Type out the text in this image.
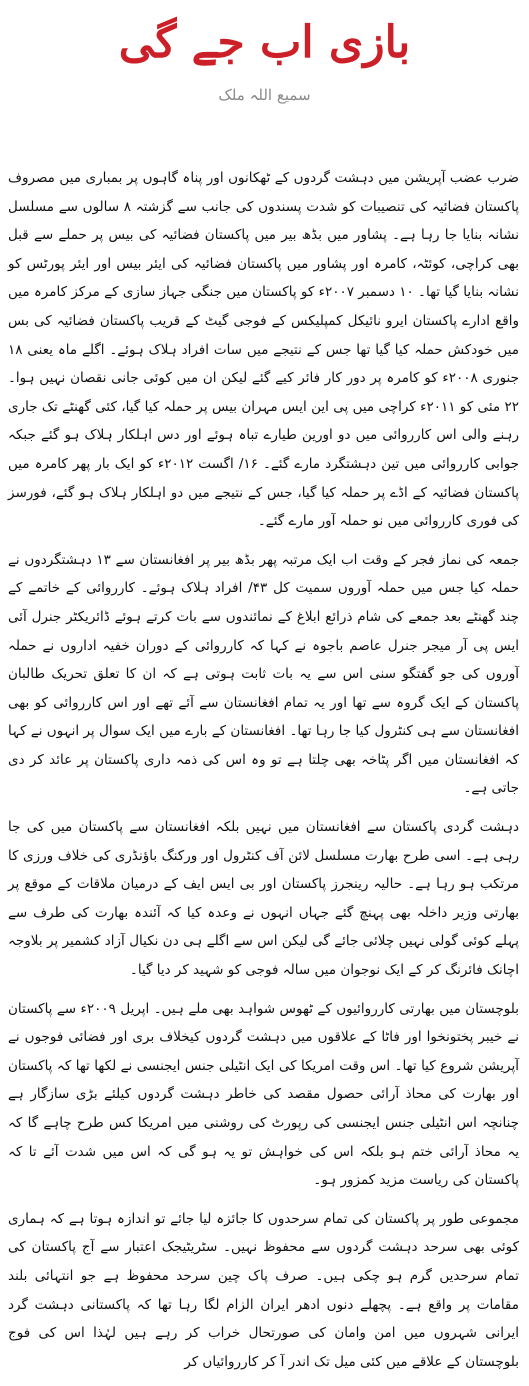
بازی اب جے گی
سمیع اللہ ملک

ضرب عضب آپریشن میں دہشت گردوں کے ٹھکانوں اور پناہ گاہوں پر بمباری میں مصروف پاکستان فضائیہ کی تنصیبات کو شدت پسندوں کی جانب سے گزشتہ ۸ سالوں سے مسلسل نشانہ بنایا جا رہا ہے۔ پشاور میں بڈھ بیر میں پاکستان فضائیہ کی بیس پر حملے سے قبل بھی کراچی، کوئٹہ، کامرہ اور پشاور میں پاکستان فضائیہ کی ایئر بیس اور ایئر پورٹس کو نشانہ بنایا گیا تھا۔ ۱۰ دسمبر ۲۰۰۷ء کو پاکستان میں جنگی جہاز سازی کے مرکز کامرہ میں واقع ادارے پاکستان ایرو نائیکل کمپلیکس کے فوجی گیٹ کے قریب پاکستان فضائیہ کی بس میں خودکش حملہ کیا گیا تھا جس کے نتیجے میں سات افراد ہلاک ہوئے۔ اگلے ماہ یعنی ۱۸ جنوری ۲۰۰۸ء کو کامرہ پر دور کار فائر کیے گئے لیکن ان میں کوئی جانی نقصان نہیں ہوا۔ ۲۲ مئی کو ۲۰۱۱ء کراچی میں پی این ایس مہران بیس پر حملہ کیا گیا، کئی گھنٹے تک جاری رہنے والی اس کارروائی میں دو اورین طیارے تباہ ہوئے اور دس اہلکار ہلاک ہو گئے جبکہ جوابی کارروائی میں تین دہشتگرد مارے گئے۔ ۱۶/ اگست ۲۰۱۲ء کو ایک بار پھر کامرہ میں پاکستان فضائیہ کے اڈے پر حملہ کیا گیا، جس کے نتیجے میں دو اہلکار ہلاک ہو گئے، فورسز کی فوری کارروائی میں نو حملہ آور مارے گئے۔

جمعہ کی نماز فجر کے وقت اب ایک مرتبہ پھر بڈھ بیر پر افغانستان سے ۱۳ دہشتگردوں نے حملہ کیا جس میں حملہ آوروں سمیت کل ۴۳/ افراد ہلاک ہوئے۔ کارروائی کے خاتمے کے چند گھنٹے بعد جمعے کی شام ذرائع ابلاغ کے نمائندوں سے بات کرتے ہوئے ڈائریکٹر جنرل آئی ایس پی آر میجر جنرل عاصم باجوہ نے کہا کہ کارروائی کے دوران خفیہ اداروں نے حملہ آوروں کی جو گفتگو سنی اس سے یہ بات ثابت ہوتی ہے کہ ان کا تعلق تحریک طالبان پاکستان کے ایک گروہ سے تھا اور یہ تمام افغانستان سے آئے تھے اور اس کارروائی کو بھی افغانستان سے ہی کنٹرول کیا جا رہا تھا۔ افغانستان کے بارے میں ایک سوال پر انہوں نے کہا کہ افغانستان میں اگر پٹاخہ بھی چلتا ہے تو وہ اس کی ذمہ داری پاکستان پر عائد کر دی جاتی ہے۔

دہشت گردی پاکستان سے افغانستان میں نہیں بلکہ افغانستان سے پاکستان میں کی جا رہی ہے۔ اسی طرح بھارت مسلسل لائن آف کنٹرول اور ورکنگ باؤنڈری کی خلاف ورزی کا مرتکب ہو رہا ہے۔ حالیہ رینجرز پاکستان اور بی ایس ایف کے درمیان ملاقات کے موقع پر بھارتی وزیر داخلہ بھی پہنچ گئے جہاں انہوں نے وعدہ کیا کہ آئندہ بھارت کی طرف سے پہلے کوئی گولی نہیں چلائی جائے گی لیکن اس سے اگلے ہی دن نکیال آزاد کشمیر پر بلاوجہ اچانک فائرنگ کر کے ایک نوجوان میں سالہ فوجی کو شہید کر دیا گیا۔

بلوچستان میں بھارتی کارروائیوں کے ٹھوس شواہد بھی ملے ہیں۔ اپریل ۲۰۰۹ء سے پاکستان نے خیبر پختونخوا اور فاٹا کے علاقوں میں دہشت گردوں کیخلاف بری اور فضائی فوجوں نے آپریشن شروع کیا تھا۔ اس وقت امریکا کی ایک انٹیلی جنس ایجنسی نے لکھا تھا کہ پاکستان اور بھارت کی محاذ آرائی حصول مقصد کی خاطر دہشت گردوں کیلئے بڑی سازگار ہے چنانچہ اس انٹیلی جنس ایجنسی کی رپورٹ کی روشنی میں امریکا کس طرح چاہے گا کہ یہ محاذ آرائی ختم ہو بلکہ اس کی خواہش تو یہ ہو گی کہ اس میں شدت آئے تا کہ پاکستان کی ریاست مزید کمزور ہو۔

مجموعی طور پر پاکستان کی تمام سرحدوں کا جائزہ لیا جائے تو اندازہ ہوتا ہے کہ ہماری کوئی بھی سرحد دہشت گردوں سے محفوظ نہیں۔ سٹریٹیجک اعتبار سے آج پاکستان کی تمام سرحدیں گرم ہو چکی ہیں۔ صرف پاک چین سرحد محفوظ ہے جو انتہائی بلند مقامات پر واقع ہے۔ پچھلے دنوں ادھر ایران الزام لگا رہا تھا کہ پاکستانی دہشت گرد ایرانی شہروں میں امن وامان کی صورتحال خراب کر رہے ہیں لہٰذا اس کی فوج بلوچستان کے علاقے میں کئی میل تک اندر آ کر کارروائیاں کر
